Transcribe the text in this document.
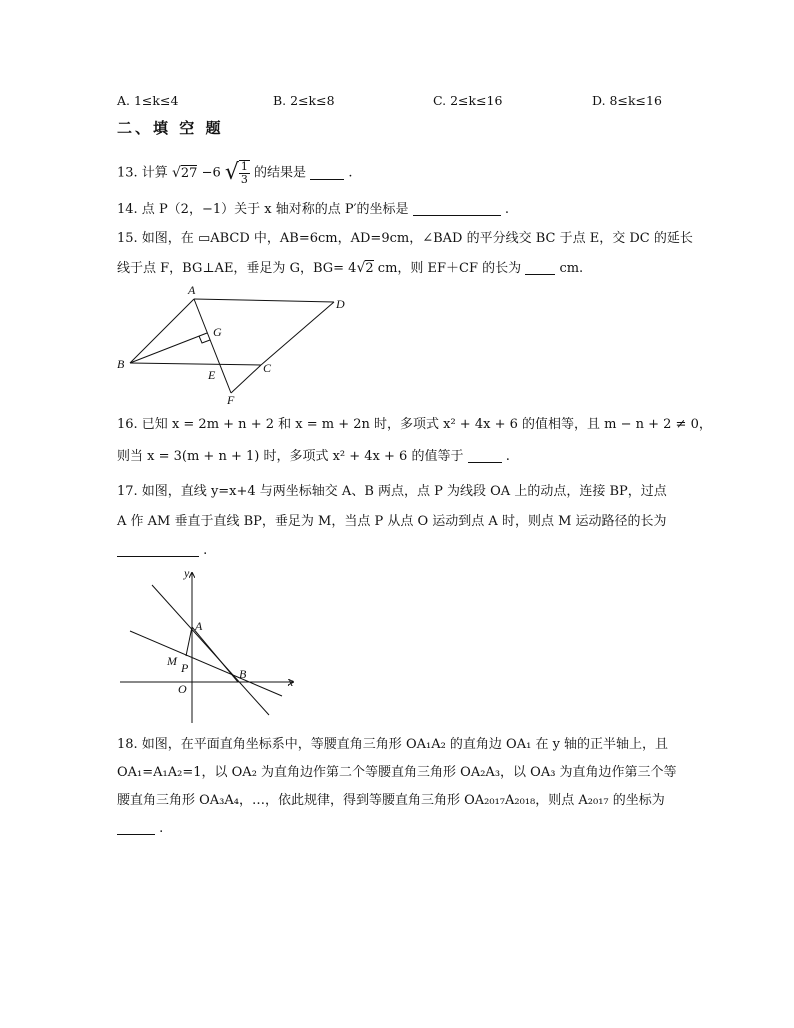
A. 1≤k≤4	B. 2≤k≤8	C. 2≤k≤16	D. 8≤k≤16
二、填 空 题
13. 计算 √27 −6 √ $\frac{1}{3}$ 的结果是	.
14. 点 P（2，−1）关于 x 轴对称的点 P′的坐标是	.
15. 如图，在 ▭ABCD 中，AB=6cm，AD=9cm，∠BAD 的平分线交 BC 于点 E，交 DC 的延长
线于点 F，BG⊥AE，垂足为 G，BG= 4√2 cm，则 EF＋CF 的长为	cm.
A
D
G
B
E	C
F
16. 已知 x = 2m + n + 2 和 x = m + 2n 时，多项式 x² + 4x + 6 的值相等，且 m − n + 2 ≠ 0，
则当 x = 3(m + n + 1) 时，多项式 x² + 4x + 6 的值等于	.
17. 如图，直线 y=x+4 与两坐标轴交 A、B 两点，点 P 为线段 OA 上的动点，连接 BP，过点
A 作 AM 垂直于直线 BP，垂足为 M，当点 P 从点 O 运动到点 A 时，则点 M 运动路径的长为
.
y
x
A
M P
O
B
18. 如图，在平面直角坐标系中，等腰直角三角形 OA₁A₂ 的直角边 OA₁ 在 y 轴的正半轴上，且
OA₁=A₁A₂=1，以 OA₂ 为直角边作第二个等腰直角三角形 OA₂A₃，以 OA₃ 为直角边作第三个等
腰直角三角形 OA₃A₄，…，依此规律，得到等腰直角三角形 OA₂₀₁₇A₂₀₁₈，则点 A₂₀₁₇ 的坐标为
.
